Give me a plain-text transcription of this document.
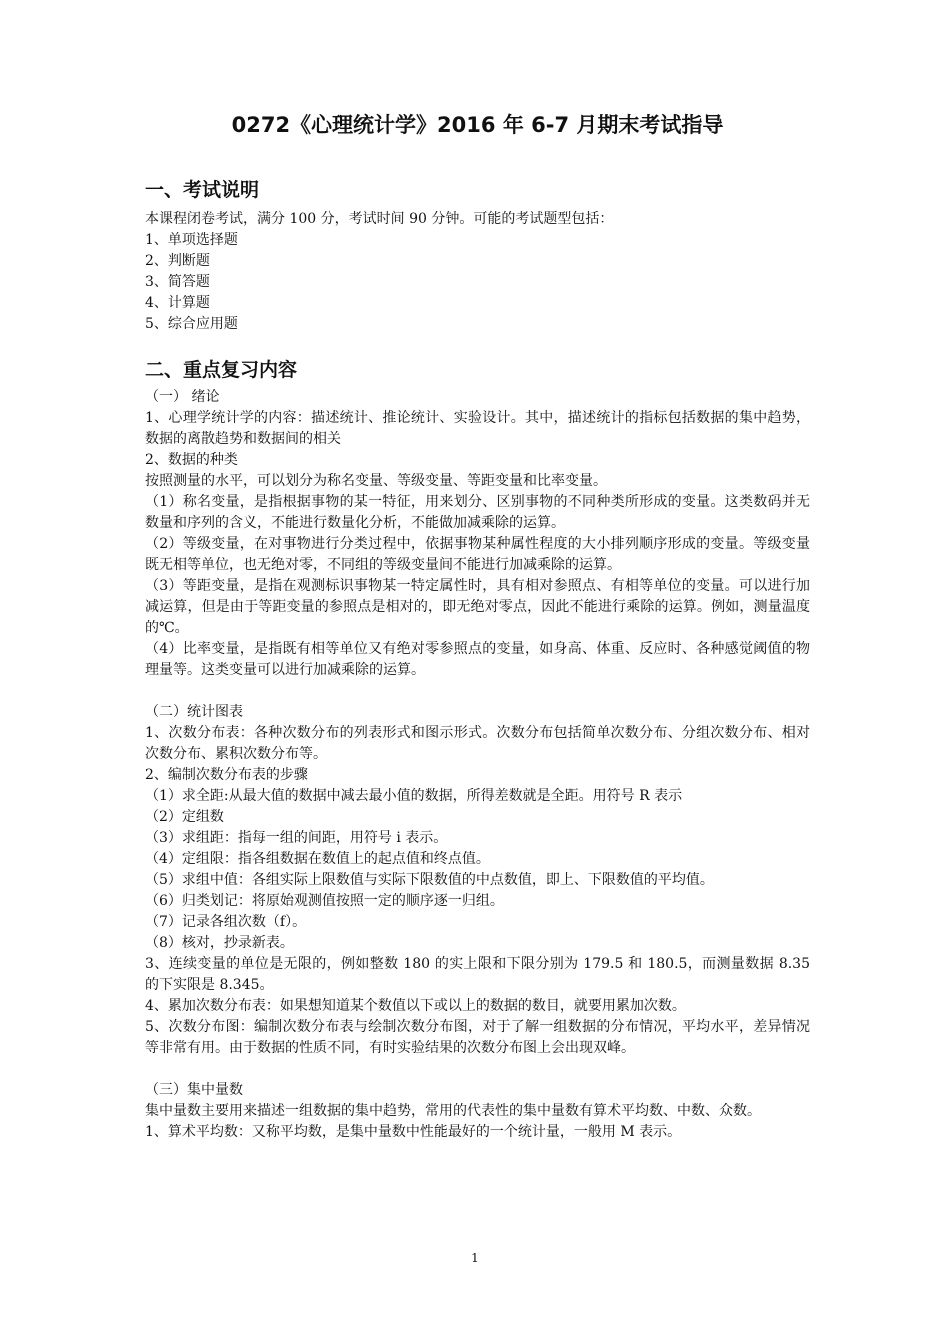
0272《心理统计学》2016 年 6-7 月期末考试指导
一、考试说明

本课程闭卷考试，满分 100 分，考试时间 90 分钟。可能的考试题型包括：

1、单项选择题

2、判断题

3、简答题

4、计算题

5、综合应用题

二、重点复习内容

（一） 绪论

1、心理学统计学的内容：描述统计、推论统计、实验设计。其中，描述统计的指标包括数据的集中趋势，数据的离散趋势和数据间的相关

2、数据的种类

按照测量的水平，可以划分为称名变量、等级变量、等距变量和比率变量。

（1）称名变量，是指根据事物的某一特征，用来划分、区别事物的不同种类所形成的变量。这类数码并无数量和序列的含义，不能进行数量化分析，不能做加减乘除的运算。

（2）等级变量，在对事物进行分类过程中，依据事物某种属性程度的大小排列顺序形成的变量。等级变量既无相等单位，也无绝对零，不同组的等级变量间不能进行加减乘除的运算。

（3）等距变量，是指在观测标识事物某一特定属性时，具有相对参照点、有相等单位的变量。可以进行加减运算，但是由于等距变量的参照点是相对的，即无绝对零点，因此不能进行乘除的运算。例如，测量温度的℃。

（4）比率变量，是指既有相等单位又有绝对零参照点的变量，如身高、体重、反应时、各种感觉阈值的物理量等。这类变量可以进行加减乘除的运算。

（二）统计图表

1、次数分布表：各种次数分布的列表形式和图示形式。次数分布包括简单次数分布、分组次数分布、相对次数分布、累积次数分布等。

2、编制次数分布表的步骤

（1）求全距:从最大值的数据中减去最小值的数据，所得差数就是全距。用符号 R 表示

（2）定组数

（3）求组距：指每一组的间距，用符号 i 表示。

（4）定组限：指各组数据在数值上的起点值和终点值。

（5）求组中值：各组实际上限数值与实际下限数值的中点数值，即上、下限数值的平均值。

（6）归类划记：将原始观测值按照一定的顺序逐一归组。

（7）记录各组次数（f）。

（8）核对，抄录新表。

3、连续变量的单位是无限的，例如整数 180 的实上限和下限分别为 179.5 和 180.5，而测量数据 8.35 的下实限是 8.345。

4、累加次数分布表：如果想知道某个数值以下或以上的数据的数目，就要用累加次数。

5、次数分布图：编制次数分布表与绘制次数分布图，对于了解一组数据的分布情况，平均水平，差异情况等非常有用。由于数据的性质不同，有时实验结果的次数分布图上会出现双峰。

（三）集中量数

集中量数主要用来描述一组数据的集中趋势，常用的代表性的集中量数有算术平均数、中数、众数。

1、算术平均数：又称平均数，是集中量数中性能最好的一个统计量，一般用 M 表示。

1
